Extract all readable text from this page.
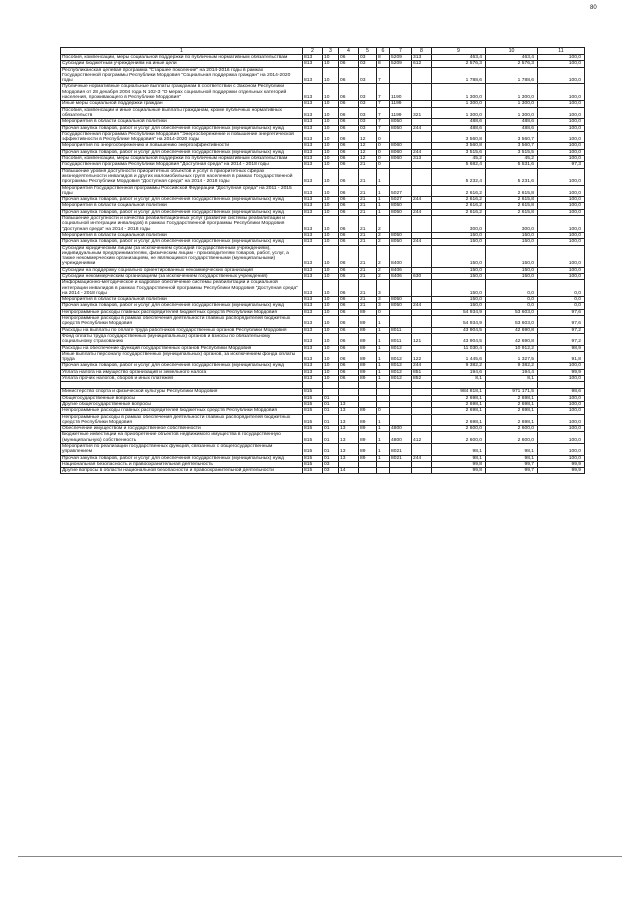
80
1	2	3	4	5	6	7	8	9	10	11
Пособия, компенсации, меры социальной поддержки по публичным нормативным обязательствам	813	10	06	03	8	5209	313	463,4	463,4	100,0
Субсидии бюджетным учреждениям на иные цели	813	10	06	03	8	5209	612	2 576,3	2 576,3	100,0
Республиканская целевая программа "Старшее поколение" на 2014-2016 годы в рамках Государственной программы Республики Мордовия "Социальная поддержка граждан" на 2014-2020 годы	813	10	06	03	7			1 788,6	1 788,6	100,0
Публичные нормативные социальные выплаты гражданам в соответствии с Законом Республики Мордовия от 28 декабря 2004 года N 102-З "О мерах социальной поддержки отдельных категорий населения, проживающего в Республике Мордовия"	813	10	06	03	7	1190		1 300,0	1 300,0	100,0
Иные меры социальной поддержки граждан	813	10	06	03	7	1199		1 300,0	1 300,0	100,0
Пособия, компенсации и иные социальные выплаты гражданам, кроме публичных нормативных обязательств	813	10	06	03	7	1199	321	1 300,0	1 300,0	100,0
Мероприятия в области социальной политики	813	10	06	03	7	8050		488,6	488,6	100,0
Прочая закупка товаров, работ и услуг для обеспечения государственных (муниципальных) нужд	813	10	06	03	7	8050	244	488,6	488,6	100,0
Государственная программа Республики Мордовия "Энергосбережение и повышение энергетической эффективности в Республике Мордовия" на 2014-2020 годы	813	10	06	12	0			3 560,8	3 560,7	100,0
Мероприятия по энергосбережению и повышению энергоэффективности	813	10	06	12	0	8060		3 560,8	3 560,7	100,0
Прочая закупка товаров, работ и услуг для обеспечения государственных (муниципальных) нужд	813	10	06	12	0	8060	244	3 515,6	3 515,5	100,0
Пособия, компенсации, меры социальной поддержки по публичным нормативным обязательствам	813	10	06	12	0	8060	313	45,2	45,2	100,0
Государственная программа Республики Мордовия "Доступная среда" на 2014 - 2018 годы	813	10	06	21	0			5 682,4	5 531,6	97,3
Повышение уровня доступности приоритетных объектов и услуг в приоритетных сферах жизнедеятельности инвалидов и других маломобильных групп населения в рамках Государственной программы Республики Мордовия "Доступная среда" на 2014 - 2018 годы	813	10	06	21	1			5 232,4	5 231,6	100,0
Мероприятия Государственной программы Российской Федерации "Доступная среда" на 2011 - 2015 годы	813	10	06	21	1	5027		2 616,2	2 615,8	100,0
Прочая закупка товаров, работ и услуг для обеспечения государственных (муниципальных) нужд	813	10	06	21	1	5027	244	2 616,2	2 615,8	100,0
Мероприятия в области социальной политики	813	10	06	21	1	8050		2 616,2	2 615,8	100,0
Прочая закупка товаров, работ и услуг для обеспечения государственных (муниципальных) нужд	813	10	06	21	1	8050	244	2 616,2	2 615,8	100,0
Повышение доступности и качества реабилитационных услуг (развитие системы реабилитации и социальной интеграции инвалидов) в рамках Государственной программы Республики Мордовия "Доступная среда" на 2014 - 2018 годы	813	10	06	21	2			300,0	300,0	100,0
Мероприятия в области социальной политики	813	10	06	21	2	8050		150,0	150,0	100,0
Прочая закупка товаров, работ и услуг для обеспечения государственных (муниципальных) нужд	813	10	06	21	2	8050	244	150,0	150,0	100,0
Субсидии юридическим лицам (за исключением субсидий государственным учреждениям), индивидуальным предпринимателям, физическим лицам - производителям товаров, работ, услуг, а также некоммерческим организациям, не являющимся государственными (муниципальными) учреждениями	813	10	06	21	2	8400		150,0	150,0	100,0
Субсидии на поддержку социально ориентированных некоммерческих организаций	813	10	06	21	2	8406		150,0	150,0	100,0
Субсидии некоммерческим организациям (за исключением государственных учреждений)	813	10	06	21	2	8406	630	150,0	150,0	100,0
Информационно-методическое и кадровое обеспечение системы реабилитации и социальной интеграции инвалидов в рамках Государственной программы Республики Мордовия "Доступная среда" на 2014 - 2018 годы	813	10	06	21	3			150,0	0,0	0,0
Мероприятия в области социальной политики	813	10	06	21	3	8050		150,0	0,0	0,0
Прочая закупка товаров, работ и услуг для обеспечения государственных (муниципальных) нужд	813	10	06	21	3	8050	244	150,0	0,0	0,0
Непрограммные расходы главных распорядителей бюджетных средств Республики Мордовия	813	10	06	89	0			54 934,9	53 603,0	97,6
Непрограммные расходы в рамках обеспечения деятельности главных распорядителей бюджетных средств Республики Мордовия	813	10	06	89	1			54 934,9	53 603,0	97,6
Расходы на выплаты по оплате труда работников государственных органов Республики Мордовия	813	10	06	89	1	8011		43 904,5	42 690,8	97,2
Фонд оплаты труда государственных (муниципальных) органов и взносы по обязательному социальному страхованию	813	10	06	89	1	8011	121	43 904,5	42 690,8	97,2
Расходы на обеспечение функций государственных органов Республики Мордовия	813	10	06	89	1	8012		11 030,4	10 912,2	98,9
Иные выплаты персоналу государственных (муниципальных) органов, за исключением фонда оплаты труда	813	10	06	89	1	8012	122	1 445,6	1 327,5	91,8
Прочая закупка товаров, работ и услуг для обеспечения государственных (муниципальных) нужд	813	10	06	89	1	8012	244	9 382,2	9 382,2	100,0
Уплата налога на имущество организаций и земельного налога	813	10	06	89	1	8012	851	194,6	194,4	99,9
Уплата прочих налогов, сборов и иных платежей	813	10	06	89	1	8012	852	8,1	8,1	100,0

Министерство спорта и физической культуры Республики Мордовия	815							984 818,1	971 171,5	98,6
Общегосударственные вопросы	815	01						2 698,1	2 698,1	100,0
Другие общегосударственные вопросы	815	01	13					2 698,1	2 698,1	100,0
Непрограммные расходы главных распорядителей бюджетных средств Республики Мордовия	815	01	13	89	0			2 698,1	2 698,1	100,0
Непрограммные расходы в рамках обеспечения деятельности главных распорядителей бюджетных средств Республики Мордовия	815	01	13	89	1			2 698,1	2 698,1	100,0
Обеспечение имуществом и государственное собственности	815	01	13	89	1	4800		2 600,0	2 600,0	100,0
Бюджетные инвестиции на приобретение объектов недвижимого имущества в государственную (муниципальную) собственность	815	01	13	89	1	4800	412	2 600,0	2 600,0	100,0
Мероприятия по реализации государственных функций, связанных с общегосударственным управлением	815	01	13	89	1	8021		98,1	98,1	100,0
Прочая закупка товаров, работ и услуг для обеспечения государственных (муниципальных) нужд	815	01	13	89	1	8021	244	98,1	98,1	100,0
Национальная безопасность и правоохранительная деятельность	815	03						99,8	99,7	99,9
Другие вопросы в области национальной безопасности и правоохранительной деятельности	815	03	14					99,8	99,7	99,9
